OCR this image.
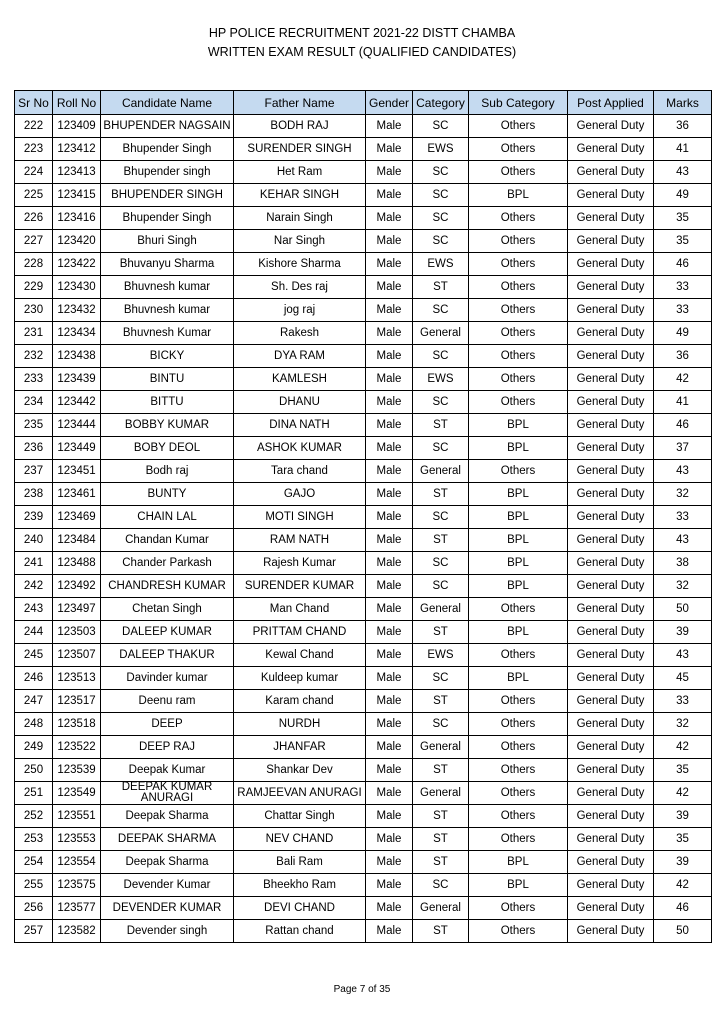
HP POLICE RECRUITMENT 2021-22 DISTT CHAMBA
WRITTEN EXAM RESULT (QUALIFIED CANDIDATES)
Sr No	Roll No	Candidate Name	Father Name	Gender	Category	Sub Category	Post Applied	Marks
222	123409	BHUPENDER NAGSAIN	BODH RAJ	Male	SC	Others	General Duty	36
223	123412	Bhupender Singh	SURENDER SINGH	Male	EWS	Others	General Duty	41
224	123413	Bhupender singh	Het Ram	Male	SC	Others	General Duty	43
225	123415	BHUPENDER SINGH	KEHAR SINGH	Male	SC	BPL	General Duty	49
226	123416	Bhupender Singh	Narain Singh	Male	SC	Others	General Duty	35
227	123420	Bhuri Singh	Nar Singh	Male	SC	Others	General Duty	35
228	123422	Bhuvanyu Sharma	Kishore Sharma	Male	EWS	Others	General Duty	46
229	123430	Bhuvnesh kumar	Sh. Des raj	Male	ST	Others	General Duty	33
230	123432	Bhuvnesh kumar	jog raj	Male	SC	Others	General Duty	33
231	123434	Bhuvnesh Kumar	Rakesh	Male	General	Others	General Duty	49
232	123438	BICKY	DYA RAM	Male	SC	Others	General Duty	36
233	123439	BINTU	KAMLESH	Male	EWS	Others	General Duty	42
234	123442	BITTU	DHANU	Male	SC	Others	General Duty	41
235	123444	BOBBY KUMAR	DINA NATH	Male	ST	BPL	General Duty	46
236	123449	BOBY DEOL	ASHOK KUMAR	Male	SC	BPL	General Duty	37
237	123451	Bodh raj	Tara chand	Male	General	Others	General Duty	43
238	123461	BUNTY	GAJO	Male	ST	BPL	General Duty	32
239	123469	CHAIN LAL	MOTI SINGH	Male	SC	BPL	General Duty	33
240	123484	Chandan Kumar	RAM NATH	Male	ST	BPL	General Duty	43
241	123488	Chander Parkash	Rajesh Kumar	Male	SC	BPL	General Duty	38
242	123492	CHANDRESH KUMAR	SURENDER KUMAR	Male	SC	BPL	General Duty	32
243	123497	Chetan Singh	Man Chand	Male	General	Others	General Duty	50
244	123503	DALEEP KUMAR	PRITTAM CHAND	Male	ST	BPL	General Duty	39
245	123507	DALEEP THAKUR	Kewal Chand	Male	EWS	Others	General Duty	43
246	123513	Davinder kumar	Kuldeep kumar	Male	SC	BPL	General Duty	45
247	123517	Deenu ram	Karam chand	Male	ST	Others	General Duty	33
248	123518	DEEP	NURDH	Male	SC	Others	General Duty	32
249	123522	DEEP RAJ	JHANFAR	Male	General	Others	General Duty	42
250	123539	Deepak Kumar	Shankar Dev	Male	ST	Others	General Duty	35
251	123549	DEEPAK KUMAR ANURAGI	RAMJEEVAN ANURAGI	Male	General	Others	General Duty	42
252	123551	Deepak Sharma	Chattar Singh	Male	ST	Others	General Duty	39
253	123553	DEEPAK SHARMA	NEV CHAND	Male	ST	Others	General Duty	35
254	123554	Deepak Sharma	Bali Ram	Male	ST	BPL	General Duty	39
255	123575	Devender Kumar	Bheekho Ram	Male	SC	BPL	General Duty	42
256	123577	DEVENDER KUMAR	DEVI CHAND	Male	General	Others	General Duty	46
257	123582	Devender singh	Rattan chand	Male	ST	Others	General Duty	50
Page 7 of 35
